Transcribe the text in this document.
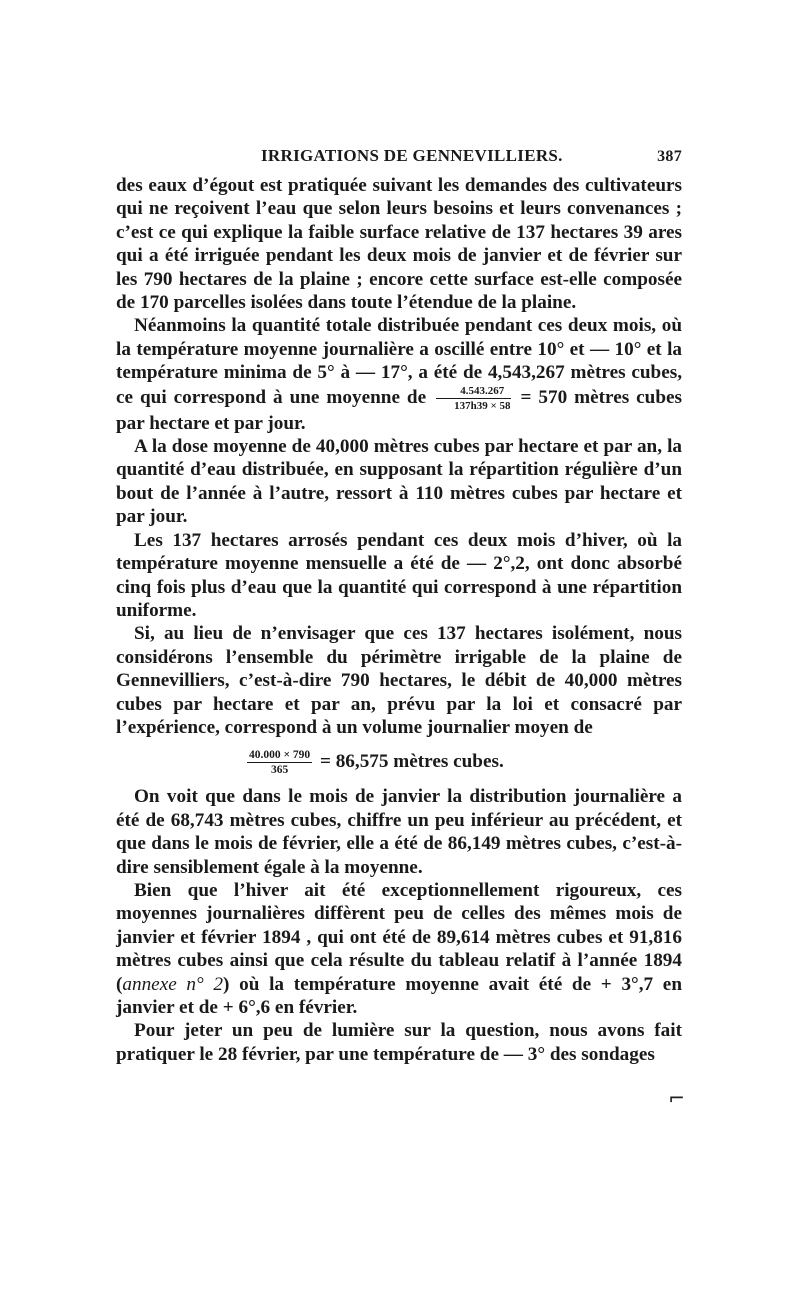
IRRIGATIONS DE GENNEVILLIERS.	387

des eaux d’égout est pratiquée suivant les demandes des cultivateurs qui ne reçoivent l’eau que selon leurs besoins et leurs convenances ; c’est ce qui explique la faible surface relative de 137 hectares 39 ares qui a été irriguée pendant les deux mois de janvier et de février sur les 790 hectares de la plaine ; encore cette surface est-elle composée de 170 parcelles isolées dans toute l’étendue de la plaine.

Néanmoins la quantité totale distribuée pendant ces deux mois, où la température moyenne journalière a oscillé entre 10° et — 10° et la température minima de 5° à — 17°, a été de 4,543,267 mètres cubes, ce qui correspond à une moyenne de $\frac{4.543.267}{137h39 \times 58} = 570$ mètres cubes par hectare et par jour.

A la dose moyenne de 40,000 mètres cubes par hectare et par an, la quantité d’eau distribuée, en supposant la répartition régulière d’un bout de l’année à l’autre, ressort à 110 mètres cubes par hectare et par jour.

Les 137 hectares arrosés pendant ces deux mois d’hiver, où la température moyenne mensuelle a été de — 2°,2, ont donc absorbé cinq fois plus d’eau que la quantité qui correspond à une répartition uniforme.

Si, au lieu de n’envisager que ces 137 hectares isolément, nous considérons l’ensemble du périmètre irrigable de la plaine de Gennevilliers, c’est-à-dire 790 hectares, le débit de 40,000 mètres cubes par hectare et par an, prévu par la loi et consacré par l’expérience, correspond à un volume journalier moyen de

$\frac{40.000 \times 790}{365} = 86,575$ mètres cubes.

On voit que dans le mois de janvier la distribution journalière a été de 68,743 mètres cubes, chiffre un peu inférieur au précédent, et que dans le mois de février, elle a été de 86,149 mètres cubes, c’est-à-dire sensiblement égale à la moyenne.

Bien que l’hiver ait été exceptionnellement rigoureux, ces moyennes journalières diffèrent peu de celles des mêmes mois de janvier et février 1894 , qui ont été de 89,614 mètres cubes et 91,816 mètres cubes ainsi que cela résulte du tableau relatif à l’année 1894 (annexe n° 2) où la température moyenne avait été de + 3°,7 en janvier et de + 6°,6 en février.

Pour jeter un peu de lumière sur la question, nous avons fait pratiquer le 28 février, par une température de — 3° des sondages

⌐
